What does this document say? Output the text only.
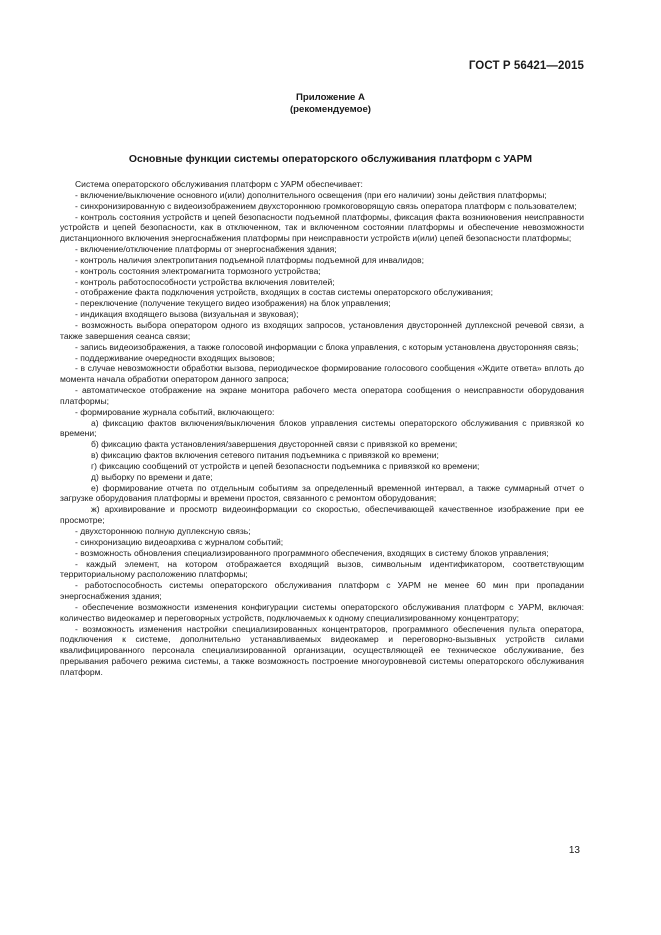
ГОСТ Р 56421—2015
Приложение А
(рекомендуемое)
Основные функции системы операторского обслуживания платформ с УАРМ

Система операторского обслуживания платформ с УАРМ обеспечивает:

- включение/выключение основного и(или) дополнительного освещения (при его наличии) зоны действия платформы;

- синхронизированную с видеоизображением двухстороннюю громкоговорящую связь оператора платформ с пользователем;

- контроль состояния устройств и цепей безопасности подъемной платформы, фиксация факта возникновения неисправности устройств и цепей безопасности, как в отключенном, так и включенном состоянии платформы и обеспечение невозможности дистанционного включения энергоснабжения платформы при неисправности устройств и(или) цепей безопасности платформы;

- включение/отключение платформы от энергоснабжения здания;

- контроль наличия электропитания подъемной платформы подъемной для инвалидов;

- контроль состояния электромагнита тормозного устройства;

- контроль работоспособности устройства включения ловителей;

- отображение факта подключения устройств, входящих в состав системы операторского обслуживания;

- переключение (получение текущего видео изображения) на блок управления;

- индикация входящего вызова (визуальная и звуковая);

- возможность выбора оператором одного из входящих запросов, установления двусторонней дуплексной речевой связи, а также завершения сеанса связи;

- запись видеоизображения, а также голосовой информации с блока управления, с которым установлена двусторонняя связь;

- поддерживание очередности входящих вызовов;

- в случае невозможности обработки вызова, периодическое формирование голосового сообщения «Ждите ответа» вплоть до момента начала обработки оператором данного запроса;

- автоматическое отображение на экране монитора рабочего места оператора сообщения о неисправности оборудования платформы;

- формирование журнала событий, включающего:

а) фиксацию фактов включения/выключения блоков управления системы операторского обслуживания с привязкой ко времени;

б) фиксацию факта установления/завершения двусторонней связи с привязкой ко времени;

в) фиксацию фактов включения сетевого питания подъемника с привязкой ко времени;

г) фиксацию сообщений от устройств и цепей безопасности подъемника с привязкой ко времени;

д) выборку по времени и дате;

е) формирование отчета по отдельным событиям за определенный временной интервал, а также суммарный отчет о загрузке оборудования платформы и времени простоя, связанного с ремонтом оборудования;

ж) архивирование и просмотр видеоинформации со скоростью, обеспечивающей качественное изображение при ее просмотре;

- двухстороннюю полную дуплексную связь;

- синхронизацию видеоархива с журналом событий;

- возможность обновления специализированного программного обеспечения, входящих в систему блоков управления;

- каждый элемент, на котором отображается входящий вызов, символьным идентификатором, соответствующим территориальному расположению платформы;

- работоспособность системы операторского обслуживания платформ с УАРМ не менее 60 мин при пропадании энергоснабжения здания;

- обеспечение возможности изменения конфигурации системы операторского обслуживания платформ с УАРМ, включая: количество видеокамер и переговорных устройств, подключаемых к одному специализированному концентратору;

- возможность изменения настройки специализированных концентраторов, программного обеспечения пульта оператора, подключения к системе, дополнительно устанавливаемых видеокамер и переговорно-вызывных устройств силами квалифицированного персонала специализированной организации, осуществляющей ее техническое обслуживание, без прерывания рабочего режима системы, а также возможность построение многоуровневой системы операторского обслуживания платформ.

13
